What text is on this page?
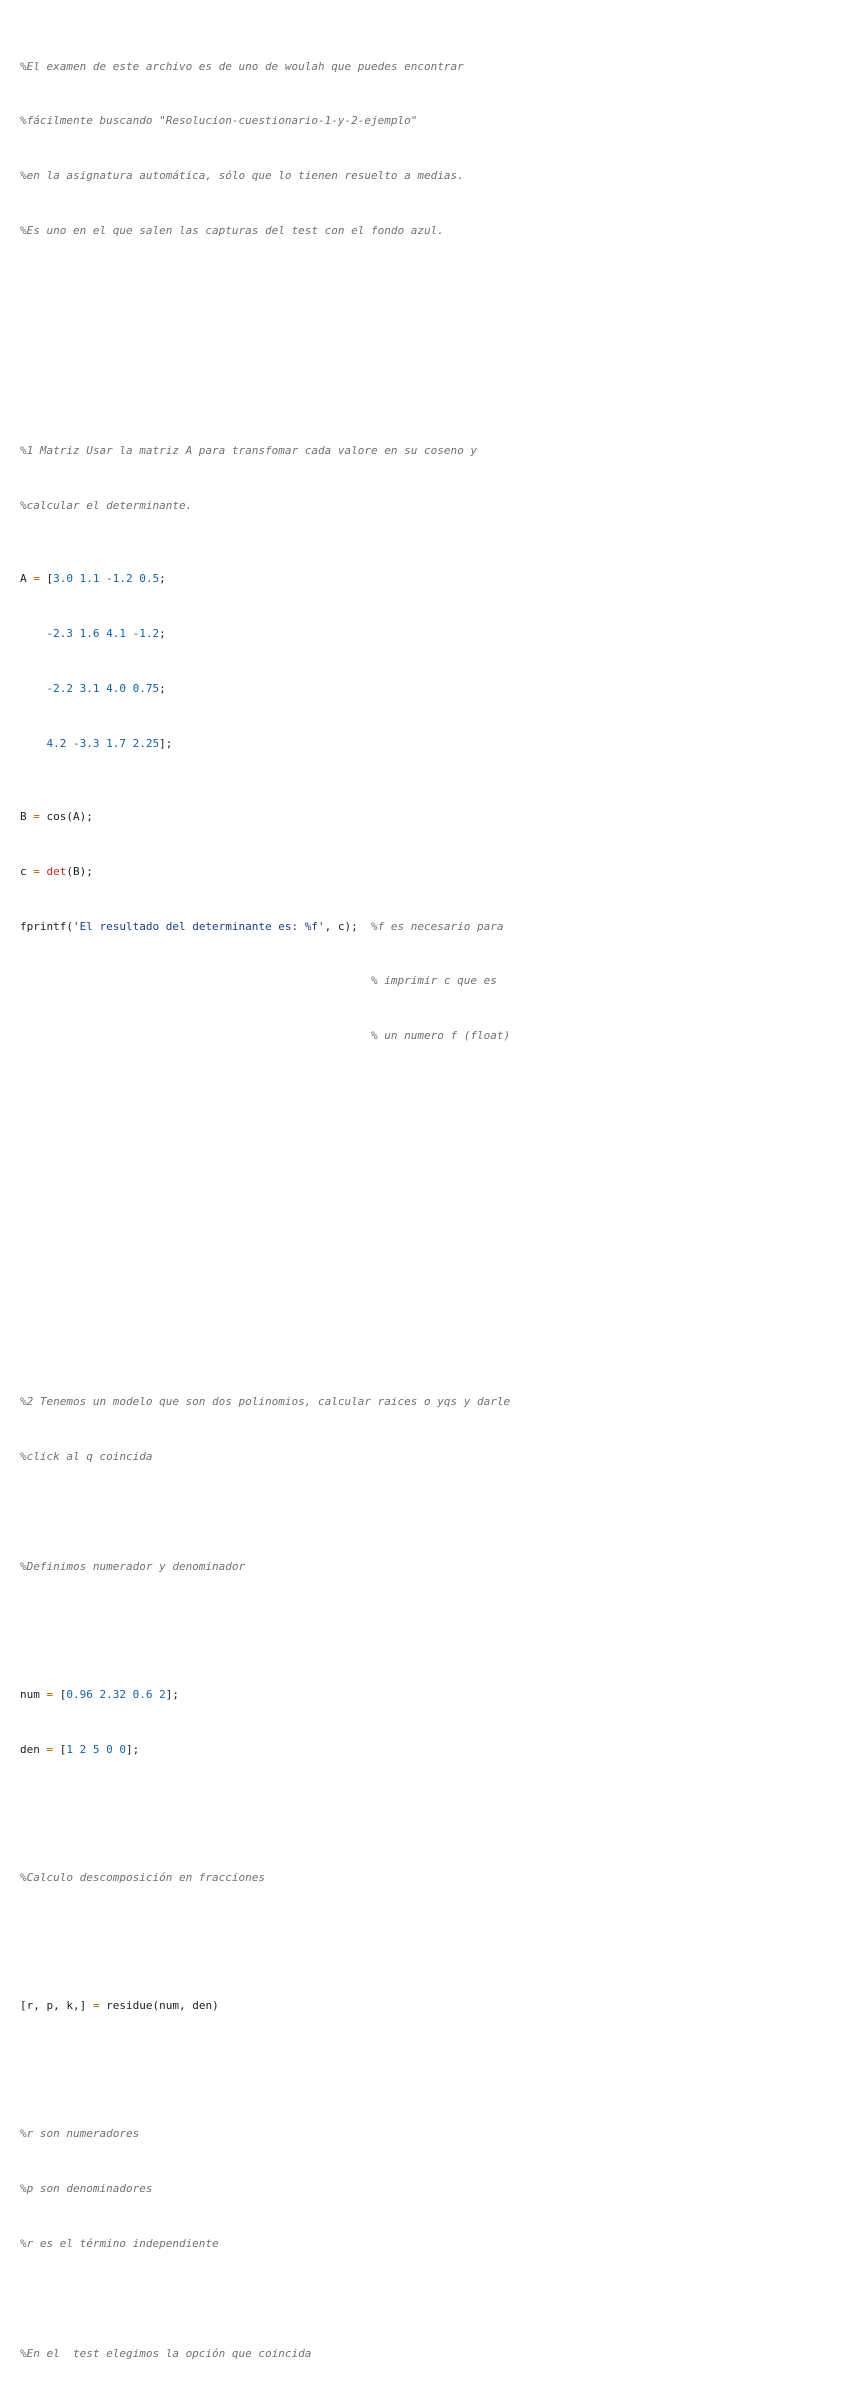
%El examen de este archivo es de uno de woulah que puedes encontrar

%fácilmente buscando "Resolucion-cuestionario-1-y-2-ejemplo"

%en la asignatura automática, sólo que lo tienen resuelto a medias.

%Es uno en el que salen las capturas del test con el fondo azul.

%1 Matriz Usar la matriz A para transfomar cada valore en su coseno y

%calcular el determinante.

A = [3.0 1.1 -1.2 0.5;

-2.3 1.6 4.1 -1.2;

-2.2 3.1 4.0 0.75;

4.2 -3.3 1.7 2.25];

B = cos(A);

c = det(B);

fprintf('El resultado del determinante es: %f', c);  %f es necesario para

% imprimir c que es

% un numero f (float)

%2 Tenemos un modelo que son dos polinomios, calcular raices o yqs y darle

%click al q coincida

%Definimos numerador y denominador

num = [0.96 2.32 0.6 2];

den = [1 2 5 0 0];

%Calculo descomposición en fracciones

[r, p, k,] = residue(num, den)

%r son numeradores

%p son denominadores

%r es el término independiente

%En el  test elegimos la opción que coincida
